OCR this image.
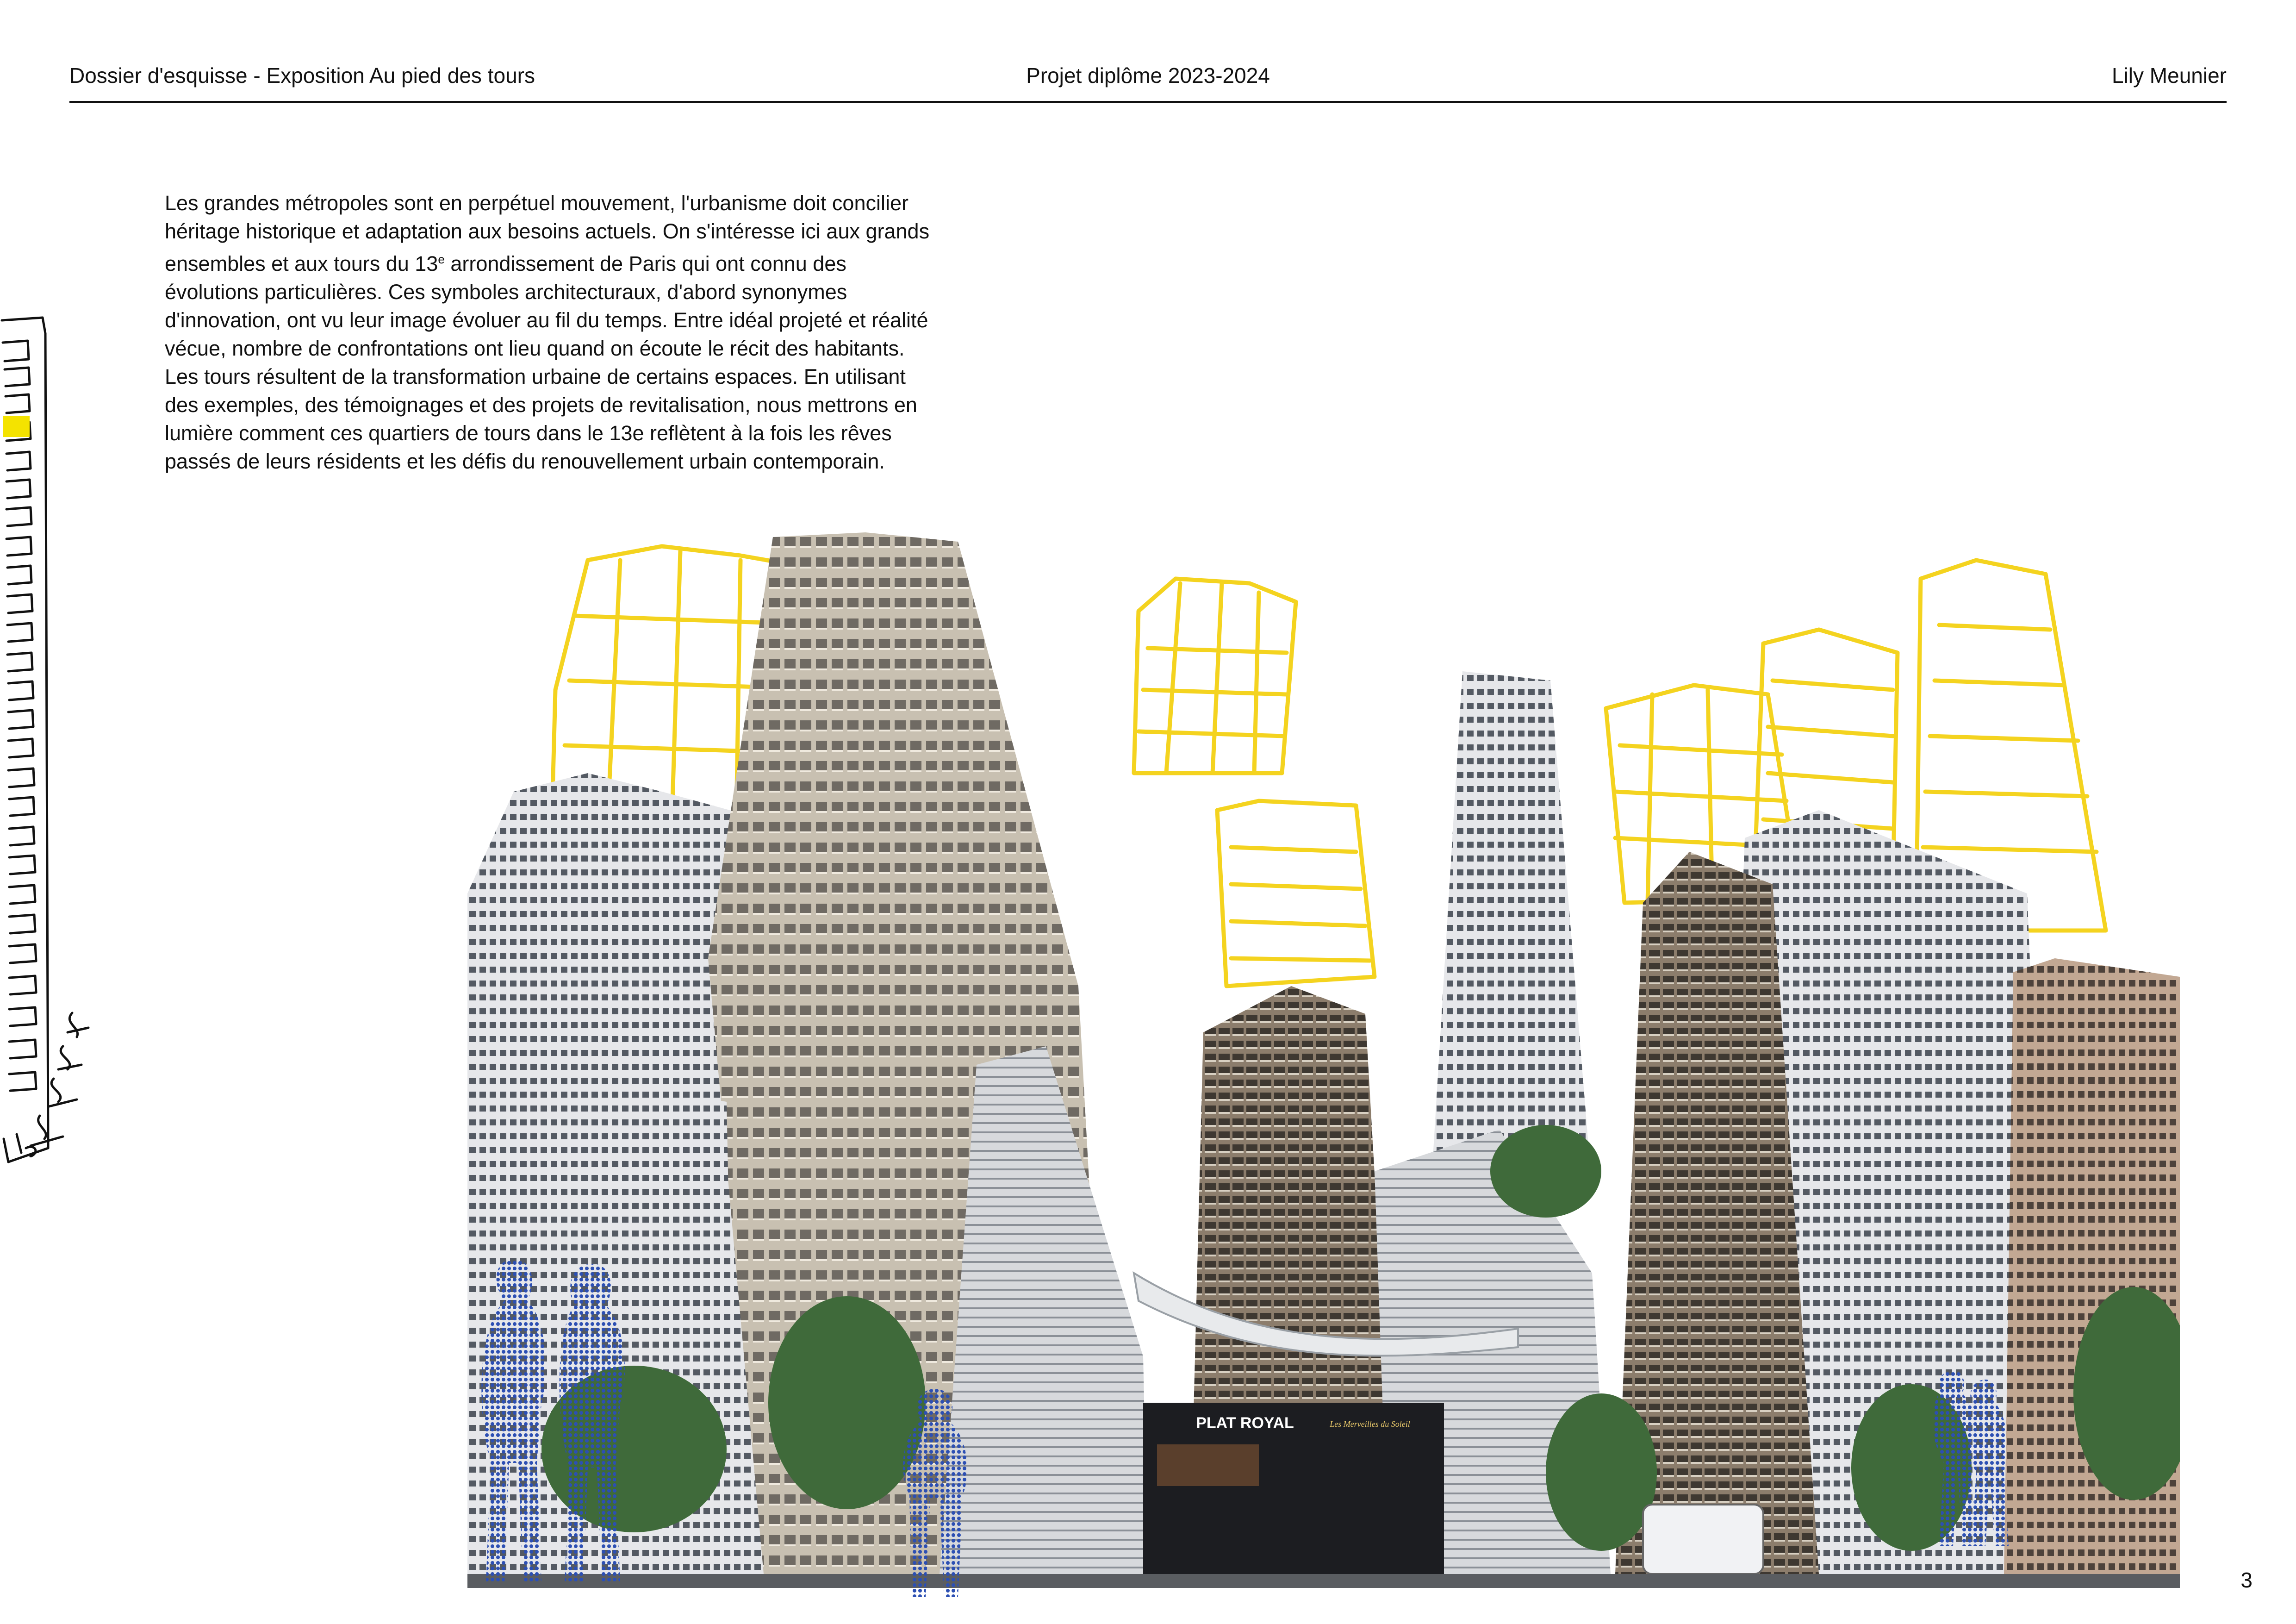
Dossier d'esquisse - Exposition Au pied des tours	Projet diplôme 2023-2024	Lily Meunier

Les grandes métropoles sont en perpétuel mouvement, l'urbanisme doit concilier héritage historique et adaptation aux besoins actuels. On s'intéresse ici aux grands ensembles et aux tours du 13e arrondissement de Paris qui ont connu des évolutions particulières. Ces symboles architecturaux, d'abord synonymes d'innovation, ont vu leur image évoluer au fil du temps. Entre idéal projeté et réalité vécue, nombre de confrontations ont lieu quand on écoute le récit des habitants. Les tours résultent de la transformation urbaine de certains espaces. En utilisant des exemples, des témoignages et des projets de revitalisation, nous mettrons en lumière comment ces quartiers de tours dans le 13e reflètent à la fois les rêves passés de leurs résidents et les défis du renouvellement urbain contemporain.

PLAT ROYAL	Les Merveilles du Soleil
3
